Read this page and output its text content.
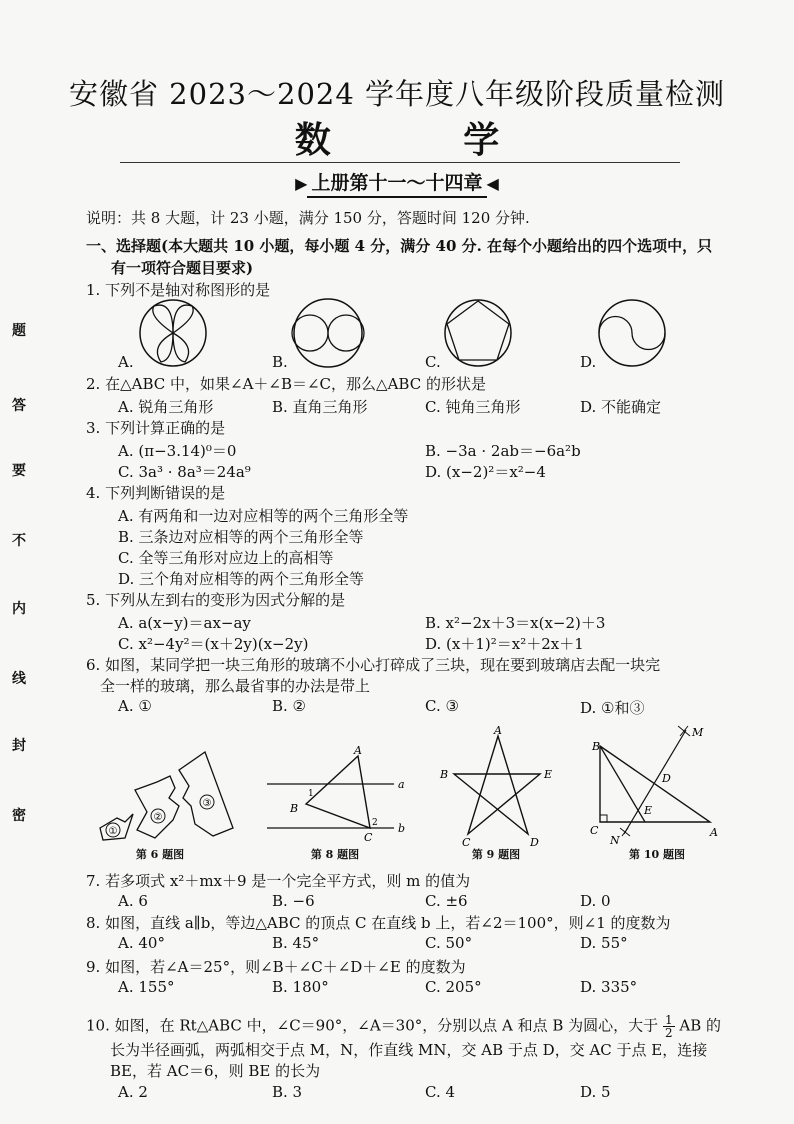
安徽省 2023～2024 学年度八年级阶段质量检测
数 学
▶ 上册第十一～十四章 ◀
题
答
要
不
内
线
封
密
说明：共 8 大题，计 23 小题，满分 150 分，答题时间 120 分钟.
一、选择题(本大题共 10 小题，每小题 4 分，满分 40 分. 在每个小题给出的四个选项中，只
有一项符合题目要求)
1. 下列不是轴对称图形的是
A.	B.	C.	D.
2. 在△ABC 中，如果∠A＋∠B＝∠C，那么△ABC 的形状是
A. 锐角三角形	B. 直角三角形	C. 钝角三角形	D. 不能确定
3. 下列计算正确的是
A. (π−3.14)⁰＝0	B. −3a · 2ab＝−6a²b
C. 3a³ · 8a³＝24a⁹	D. (x−2)²＝x²−4
4. 下列判断错误的是
A. 有两角和一边对应相等的两个三角形全等
B. 三条边对应相等的两个三角形全等
C. 全等三角形对应边上的高相等
D. 三个角对应相等的两个三角形全等
5. 下列从左到右的变形为因式分解的是
A. a(x−y)＝ax−ay	B. x²−2x＋3＝x(x−2)＋3
C. x²−4y²＝(x＋2y)(x−2y)	D. (x＋1)²＝x²＋2x＋1
6. 如图，某同学把一块三角形的玻璃不小心打碎成了三块，现在要到玻璃店去配一块完
全一样的玻璃，那么最省事的办法是带上
A. ①	B. ②	C. ③	D. ①和③
①
②
③
第 6 题图
A
B
C
a
b
1
2
第 8 题图
A
B
C	D
E
第 9 题图
B
C	A
D
E
M
N
第 10 题图
7. 若多项式 x²＋mx＋9 是一个完全平方式，则 m 的值为
A. 6	B. −6	C. ±6	D. 0
8. 如图，直线 a∥b，等边△ABC 的顶点 C 在直线 b 上，若∠2＝100°，则∠1 的度数为
A. 40°	B. 45°	C. 50°	D. 55°
9. 如图，若∠A＝25°，则∠B＋∠C＋∠D＋∠E 的度数为
A. 155°	B. 180°	C. 205°	D. 335°
10. 如图，在 Rt△ABC 中，∠C＝90°，∠A＝30°，分别以点 A 和点 B 为圆心，大于 $\frac{1}{2}$ AB 的
长为半径画弧，两弧相交于点 M，N，作直线 MN，交 AB 于点 D，交 AC 于点 E，连接
BE，若 AC＝6，则 BE 的长为
A. 2	B. 3	C. 4	D. 5
